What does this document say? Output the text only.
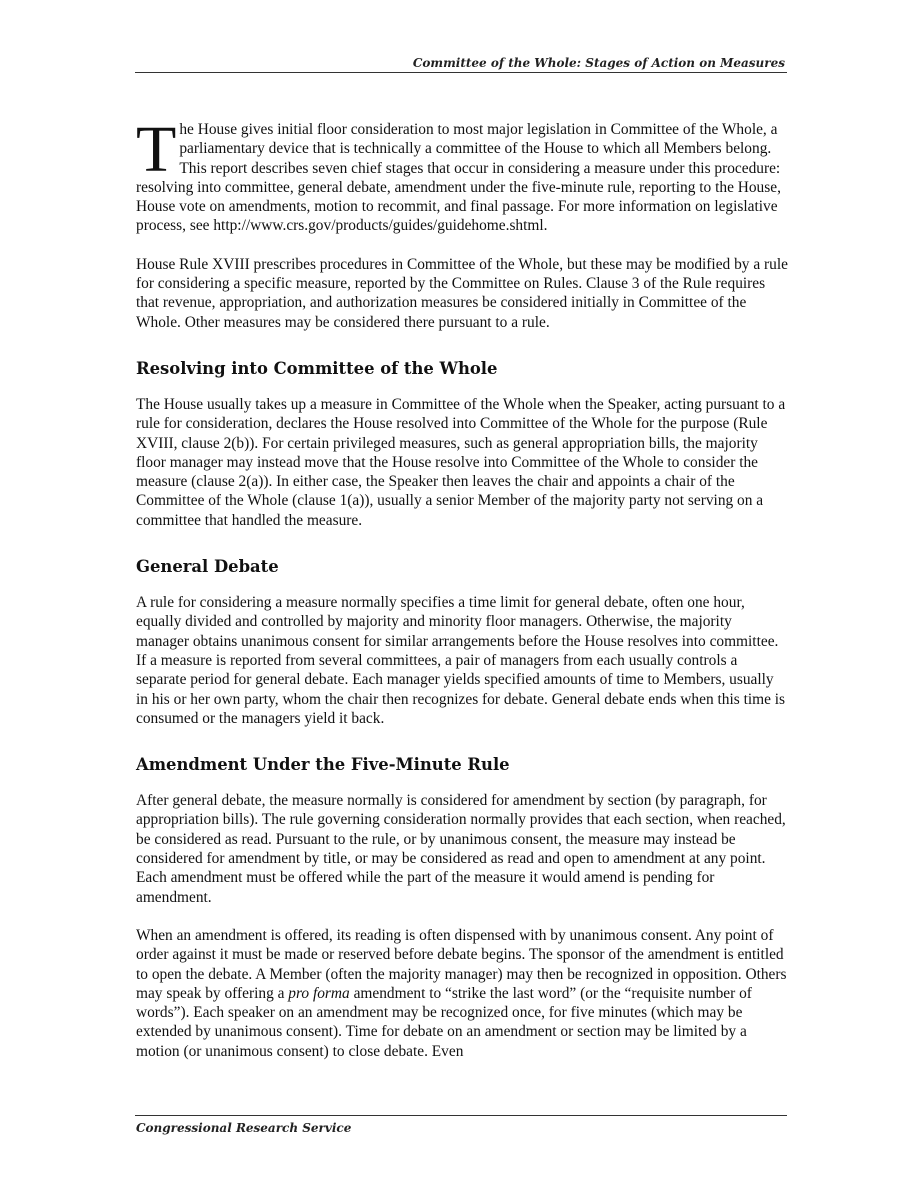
Committee of the Whole: Stages of Action on Measures

The House gives initial floor consideration to most major legislation in Committee of the Whole, a parliamentary device that is technically a committee of the House to which all Members belong. This report describes seven chief stages that occur in considering a measure under this procedure: resolving into committee, general debate, amendment under the five-minute rule, reporting to the House, House vote on amendments, motion to recommit, and final passage. For more information on legislative process, see http://www.crs.gov/products/guides/guidehome.shtml.

House Rule XVIII prescribes procedures in Committee of the Whole, but these may be modified by a rule for considering a specific measure, reported by the Committee on Rules. Clause 3 of the Rule requires that revenue, appropriation, and authorization measures be considered initially in Committee of the Whole. Other measures may be considered there pursuant to a rule.

Resolving into Committee of the Whole

The House usually takes up a measure in Committee of the Whole when the Speaker, acting pursuant to a rule for consideration, declares the House resolved into Committee of the Whole for the purpose (Rule XVIII, clause 2(b)). For certain privileged measures, such as general appropriation bills, the majority floor manager may instead move that the House resolve into Committee of the Whole to consider the measure (clause 2(a)). In either case, the Speaker then leaves the chair and appoints a chair of the Committee of the Whole (clause 1(a)), usually a senior Member of the majority party not serving on a committee that handled the measure.

General Debate

A rule for considering a measure normally specifies a time limit for general debate, often one hour, equally divided and controlled by majority and minority floor managers. Otherwise, the majority manager obtains unanimous consent for similar arrangements before the House resolves into committee. If a measure is reported from several committees, a pair of managers from each usually controls a separate period for general debate. Each manager yields specified amounts of time to Members, usually in his or her own party, whom the chair then recognizes for debate. General debate ends when this time is consumed or the managers yield it back.

Amendment Under the Five-Minute Rule

After general debate, the measure normally is considered for amendment by section (by paragraph, for appropriation bills). The rule governing consideration normally provides that each section, when reached, be considered as read. Pursuant to the rule, or by unanimous consent, the measure may instead be considered for amendment by title, or may be considered as read and open to amendment at any point. Each amendment must be offered while the part of the measure it would amend is pending for amendment.

When an amendment is offered, its reading is often dispensed with by unanimous consent. Any point of order against it must be made or reserved before debate begins. The sponsor of the amendment is entitled to open the debate. A Member (often the majority manager) may then be recognized in opposition. Others may speak by offering a pro forma amendment to “strike the last word” (or the “requisite number of words”). Each speaker on an amendment may be recognized once, for five minutes (which may be extended by unanimous consent). Time for debate on an amendment or section may be limited by a motion (or unanimous consent) to close debate. Even

Congressional Research Service
